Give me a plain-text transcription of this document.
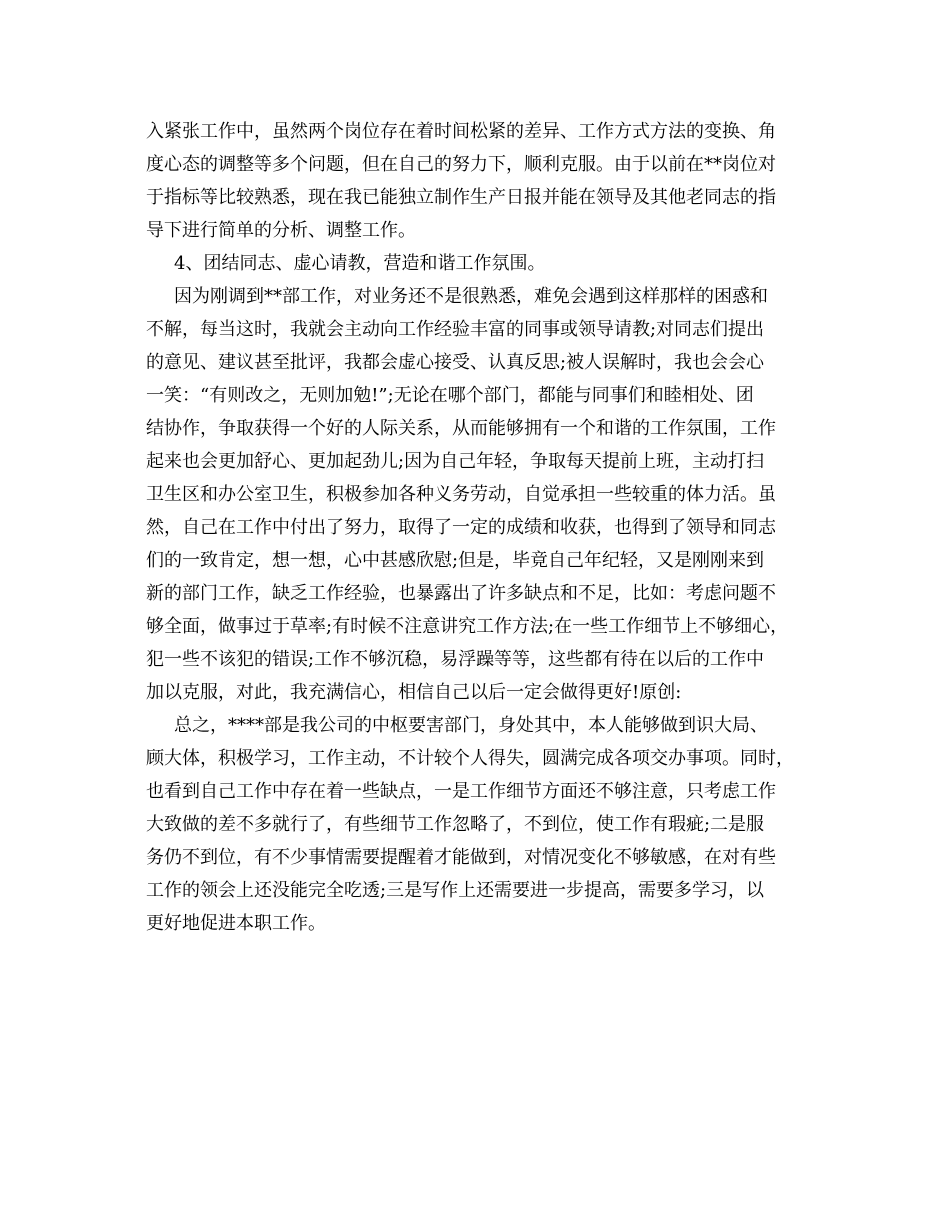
入紧张工作中，虽然两个岗位存在着时间松紧的差异、工作方式方法的变换、角
度心态的调整等多个问题，但在自己的努力下，顺利克服。由于以前在**岗位对
于指标等比较熟悉，现在我已能独立制作生产日报并能在领导及其他老同志的指
导下进行简单的分析、调整工作。
4、团结同志、虚心请教，营造和谐工作氛围。
因为刚调到**部工作，对业务还不是很熟悉，难免会遇到这样那样的困惑和
不解，每当这时，我就会主动向工作经验丰富的同事或领导请教;对同志们提出
的意见、建议甚至批评，我都会虚心接受、认真反思;被人误解时，我也会会心
一笑：“有则改之，无则加勉!”;无论在哪个部门，都能与同事们和睦相处、团
结协作，争取获得一个好的人际关系，从而能够拥有一个和谐的工作氛围，工作
起来也会更加舒心、更加起劲儿;因为自己年轻，争取每天提前上班，主动打扫
卫生区和办公室卫生，积极参加各种义务劳动，自觉承担一些较重的体力活。虽
然，自己在工作中付出了努力，取得了一定的成绩和收获，也得到了领导和同志
们的一致肯定，想一想，心中甚感欣慰;但是，毕竟自己年纪轻，又是刚刚来到
新的部门工作，缺乏工作经验，也暴露出了许多缺点和不足，比如：考虑问题不
够全面，做事过于草率;有时候不注意讲究工作方法;在一些工作细节上不够细心，
犯一些不该犯的错误;工作不够沉稳，易浮躁等等，这些都有待在以后的工作中
加以克服，对此，我充满信心，相信自己以后一定会做得更好!原创:
总之，****部是我公司的中枢要害部门，身处其中，本人能够做到识大局、
顾大体，积极学习，工作主动，不计较个人得失，圆满完成各项交办事项。同时，
也看到自己工作中存在着一些缺点，一是工作细节方面还不够注意，只考虑工作
大致做的差不多就行了，有些细节工作忽略了，不到位，使工作有瑕疵;二是服
务仍不到位，有不少事情需要提醒着才能做到，对情况变化不够敏感，在对有些
工作的领会上还没能完全吃透;三是写作上还需要进一步提高，需要多学习，以
更好地促进本职工作。
